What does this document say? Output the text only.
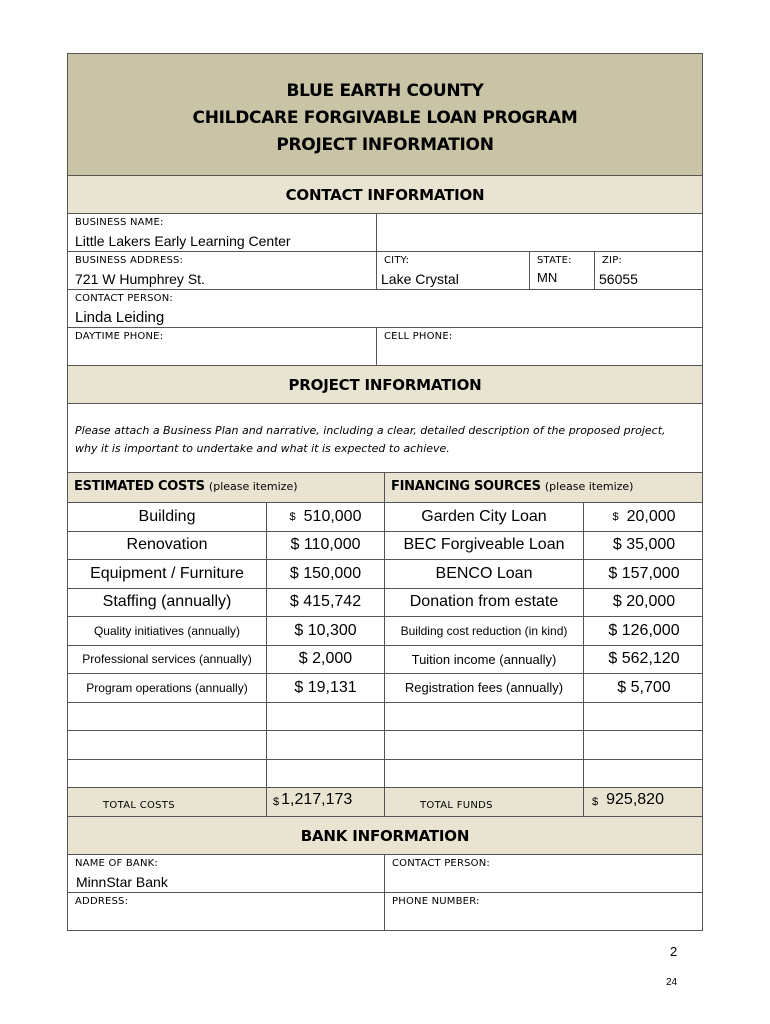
BLUE EARTH COUNTY
CHILDCARE FORGIVABLE LOAN PROGRAM
PROJECT INFORMATION
CONTACT INFORMATION
BUSINESS NAME:
Little Lakers Early Learning Center
BUSINESS ADDRESS:
721 W Humphrey St.
CITY:
Lake Crystal
STATE:
MN
ZIP:
56055
CONTACT PERSON:
Linda Leiding
DAYTIME PHONE:	CELL PHONE:
PROJECT INFORMATION
Please attach a Business Plan and narrative, including a clear, detailed description of the proposed project,
why it is important to undertake and what it is expected to achieve.
ESTIMATED COSTS (please itemize)	FINANCING SOURCES (please itemize)
Building	$ 510,000	Garden City Loan	$ 20,000
Renovation	$ 110,000	BEC Forgiveable Loan	$ 35,000
Equipment / Furniture	$ 150,000	BENCO Loan	$ 157,000
Staffing (annually)	$ 415,742	Donation from estate	$ 20,000
Quality initiatives (annually)	$ 10,300	Building cost reduction (in kind)	$ 126,000
Professional services (annually)	$ 2,000	Tuition income (annually)	$ 562,120
Program operations (annually)	$ 19,131	Registration fees (annually)	$ 5,700
TOTAL COSTS	$ 1,217,173	TOTAL FUNDS	$ 925,820
BANK INFORMATION
NAME OF BANK:
MinnStar Bank
CONTACT PERSON:
ADDRESS:	PHONE NUMBER:
2
24
